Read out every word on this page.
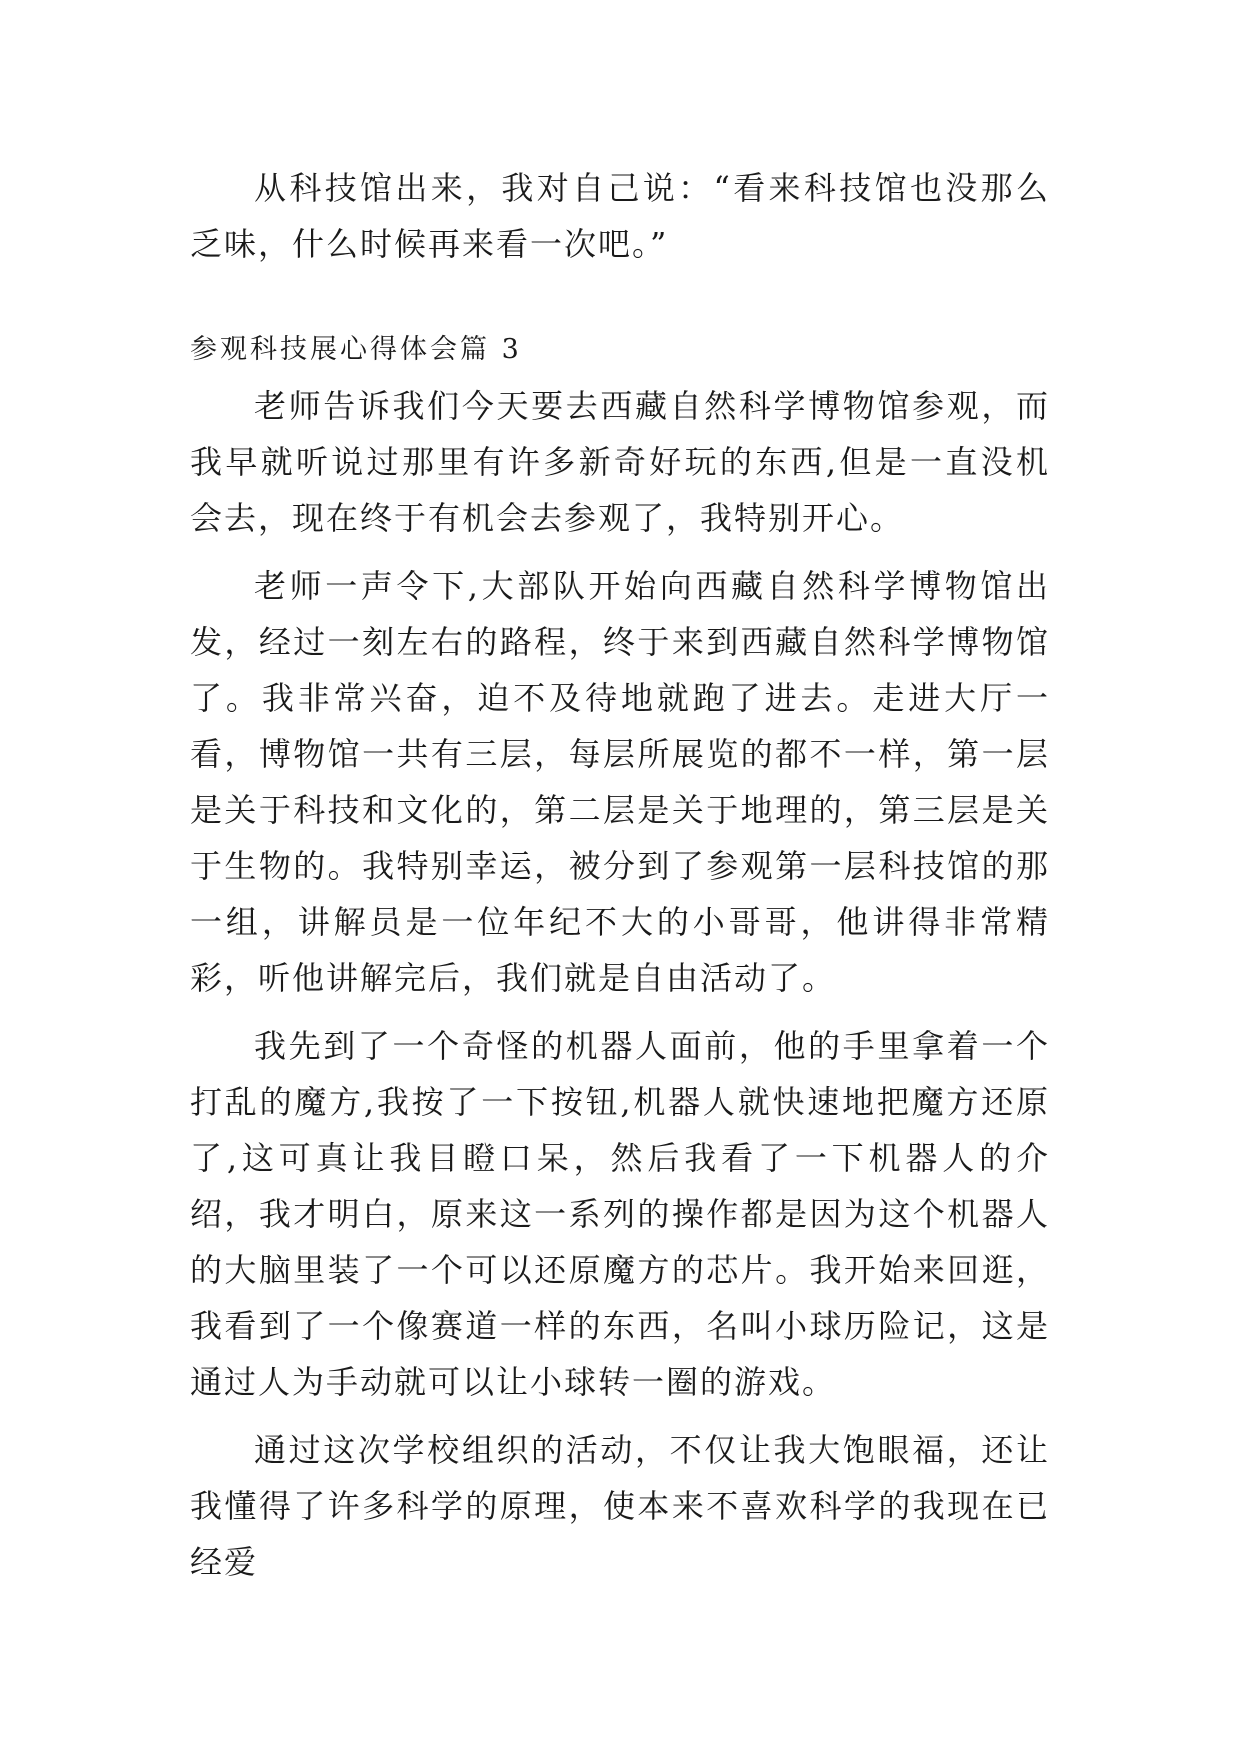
从科技馆出来，我对自己说：“看来科技馆也没那么乏味，什么时候再来看一次吧。”

参观科技展心得体会篇 3

老师告诉我们今天要去西藏自然科学博物馆参观，而我早就听说过那里有许多新奇好玩的东西,但是一直没机会去，现在终于有机会去参观了，我特别开心。

老师一声令下,大部队开始向西藏自然科学博物馆出发，经过一刻左右的路程，终于来到西藏自然科学博物馆了。我非常兴奋，迫不及待地就跑了进去。走进大厅一看，博物馆一共有三层，每层所展览的都不一样，第一层是关于科技和文化的，第二层是关于地理的，第三层是关于生物的。我特别幸运，被分到了参观第一层科技馆的那一组，讲解员是一位年纪不大的小哥哥，他讲得非常精彩，听他讲解完后，我们就是自由活动了。

我先到了一个奇怪的机器人面前，他的手里拿着一个打乱的魔方,我按了一下按钮,机器人就快速地把魔方还原了,这可真让我目瞪口呆，然后我看了一下机器人的介绍，我才明白，原来这一系列的操作都是因为这个机器人的大脑里装了一个可以还原魔方的芯片。我开始来回逛，我看到了一个像赛道一样的东西，名叫小球历险记，这是通过人为手动就可以让小球转一圈的游戏。

通过这次学校组织的活动，不仅让我大饱眼福，还让我懂得了许多科学的原理，使本来不喜欢科学的我现在已经爱
